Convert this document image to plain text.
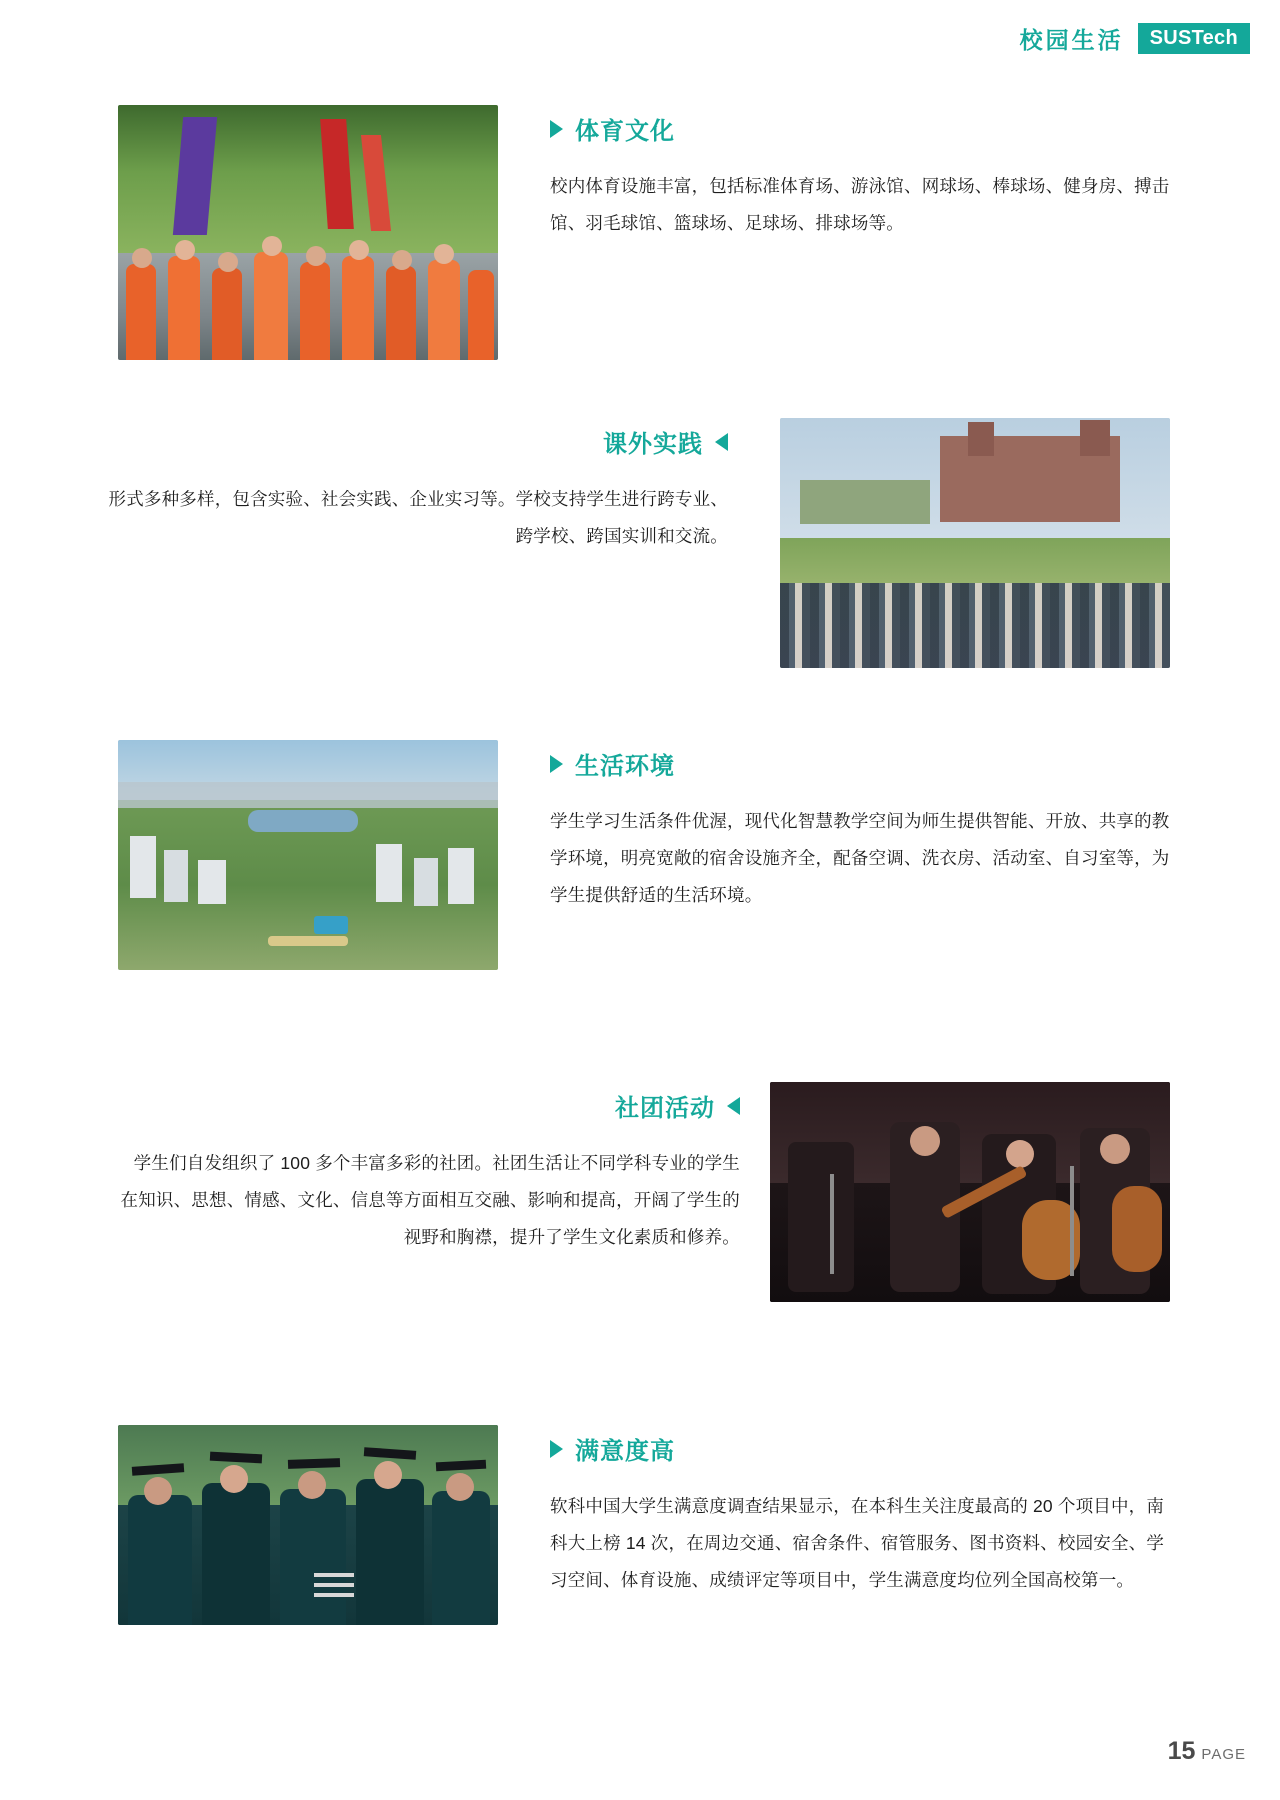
校园生活	SUSTech
体育文化
校内体育设施丰富，包括标准体育场、游泳馆、网球场、棒球场、健身房、搏击馆、羽毛球馆、篮球场、足球场、排球场等。
课外实践
形式多种多样，包含实验、社会实践、企业实习等。学校支持学生进行跨专业、跨学校、跨国实训和交流。
生活环境
学生学习生活条件优渥，现代化智慧教学空间为师生提供智能、开放、共享的教学环境，明亮宽敞的宿舍设施齐全，配备空调、洗衣房、活动室、自习室等，为学生提供舒适的生活环境。
社团活动
学生们自发组织了 100 多个丰富多彩的社团。社团生活让不同学科专业的学生在知识、思想、情感、文化、信息等方面相互交融、影响和提高，开阔了学生的视野和胸襟，提升了学生文化素质和修养。
满意度高
软科中国大学生满意度调查结果显示，在本科生关注度最高的 20 个项目中，南科大上榜 14 次，在周边交通、宿舍条件、宿管服务、图书资料、校园安全、学习空间、体育设施、成绩评定等项目中，学生满意度均位列全国高校第一。
15 PAGE
